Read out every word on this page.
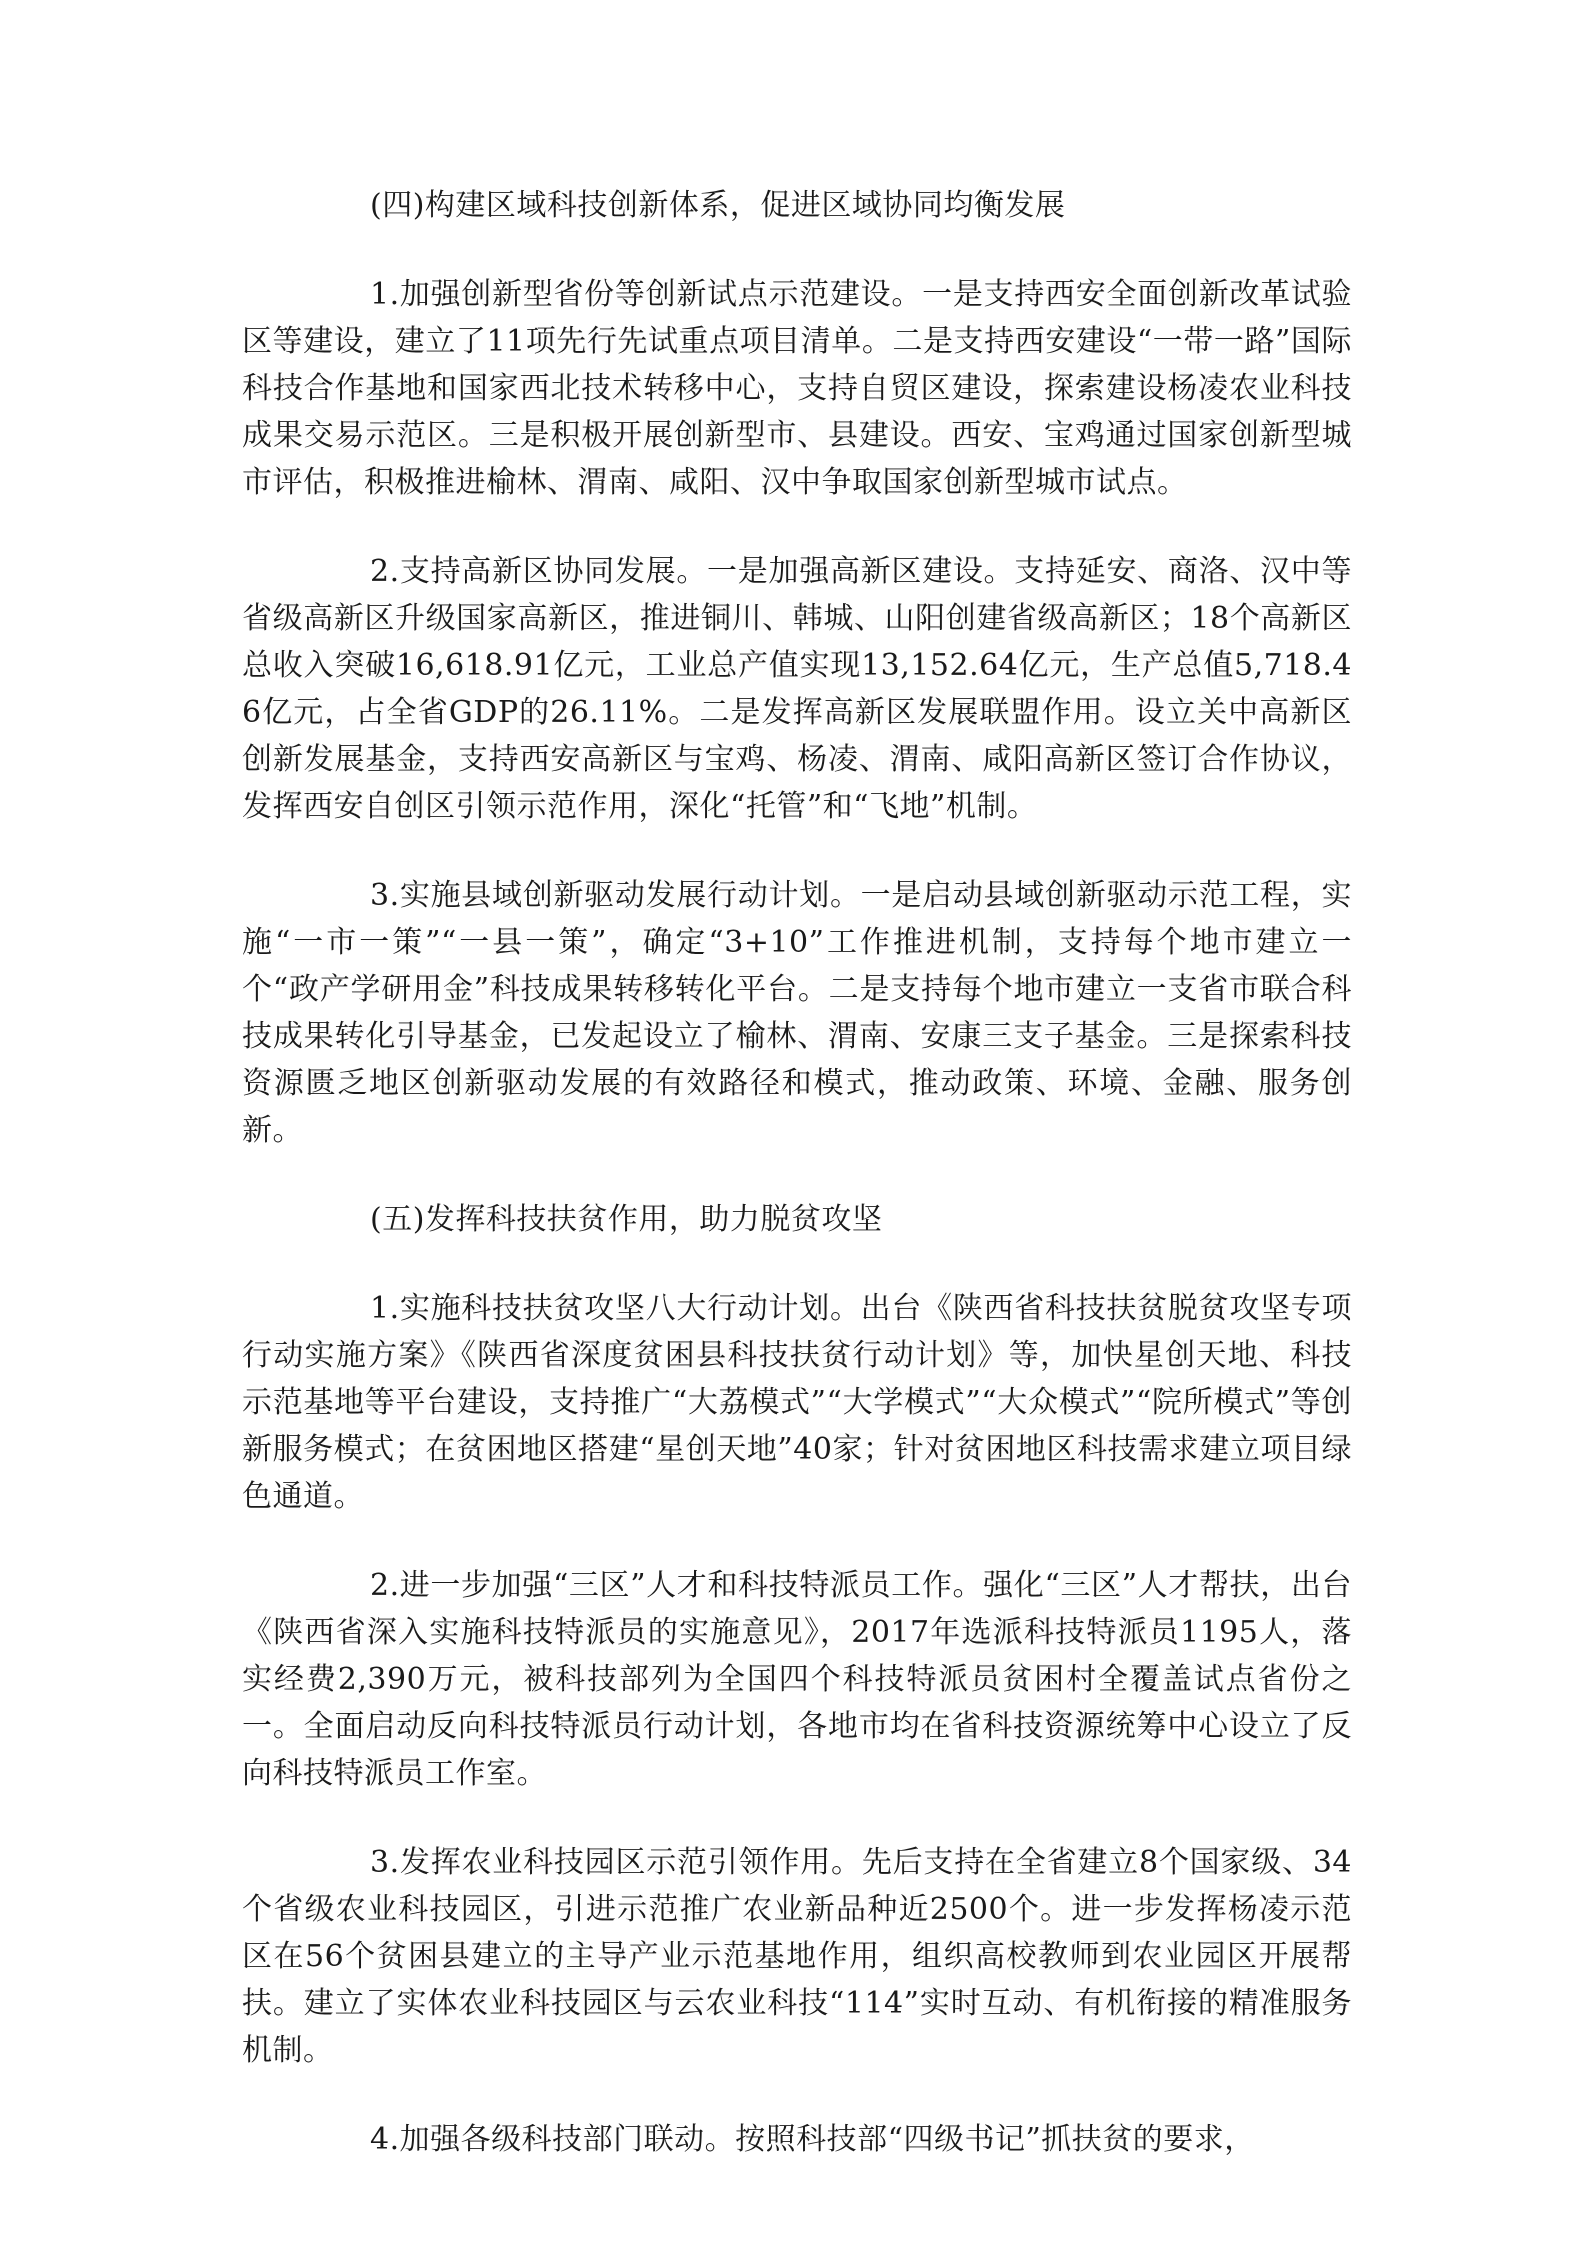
(四)构建区域科技创新体系，促进区域协同均衡发展

1.加强创新型省份等创新试点示范建设。一是支持西安全面创新改革试验区等建设，建立了11项先行先试重点项目清单。二是支持西安建设“一带一路”国际科技合作基地和国家西北技术转移中心，支持自贸区建设，探索建设杨凌农业科技成果交易示范区。三是积极开展创新型市、县建设。西安、宝鸡通过国家创新型城市评估，积极推进榆林、渭南、咸阳、汉中争取国家创新型城市试点。

2.支持高新区协同发展。一是加强高新区建设。支持延安、商洛、汉中等省级高新区升级国家高新区，推进铜川、韩城、山阳创建省级高新区；18个高新区总收入突破16,618.91亿元，工业总产值实现13,152.64亿元，生产总值5,718.46亿元，占全省GDP的26.11%。二是发挥高新区发展联盟作用。设立关中高新区创新发展基金，支持西安高新区与宝鸡、杨凌、渭南、咸阳高新区签订合作协议，发挥西安自创区引领示范作用，深化“托管”和“飞地”机制。

3.实施县域创新驱动发展行动计划。一是启动县域创新驱动示范工程，实施“一市一策”“一县一策”，确定“3+10”工作推进机制，支持每个地市建立一个“政产学研用金”科技成果转移转化平台。二是支持每个地市建立一支省市联合科技成果转化引导基金，已发起设立了榆林、渭南、安康三支子基金。三是探索科技资源匮乏地区创新驱动发展的有效路径和模式，推动政策、环境、金融、服务创新。

(五)发挥科技扶贫作用，助力脱贫攻坚

1.实施科技扶贫攻坚八大行动计划。出台《陕西省科技扶贫脱贫攻坚专项行动实施方案》《陕西省深度贫困县科技扶贫行动计划》等，加快星创天地、科技示范基地等平台建设，支持推广“大荔模式”“大学模式”“大众模式”“院所模式”等创新服务模式；在贫困地区搭建“星创天地”40家；针对贫困地区科技需求建立项目绿色通道。

2.进一步加强“三区”人才和科技特派员工作。强化“三区”人才帮扶，出台《陕西省深入实施科技特派员的实施意见》，2017年选派科技特派员1195人，落实经费2,390万元，被科技部列为全国四个科技特派员贫困村全覆盖试点省份之一。全面启动反向科技特派员行动计划，各地市均在省科技资源统筹中心设立了反向科技特派员工作室。

3.发挥农业科技园区示范引领作用。先后支持在全省建立8个国家级、34个省级农业科技园区，引进示范推广农业新品种近2500个。进一步发挥杨凌示范区在56个贫困县建立的主导产业示范基地作用，组织高校教师到农业园区开展帮扶。建立了实体农业科技园区与云农业科技“114”实时互动、有机衔接的精准服务机制。

4.加强各级科技部门联动。按照科技部“四级书记”抓扶贫的要求，
